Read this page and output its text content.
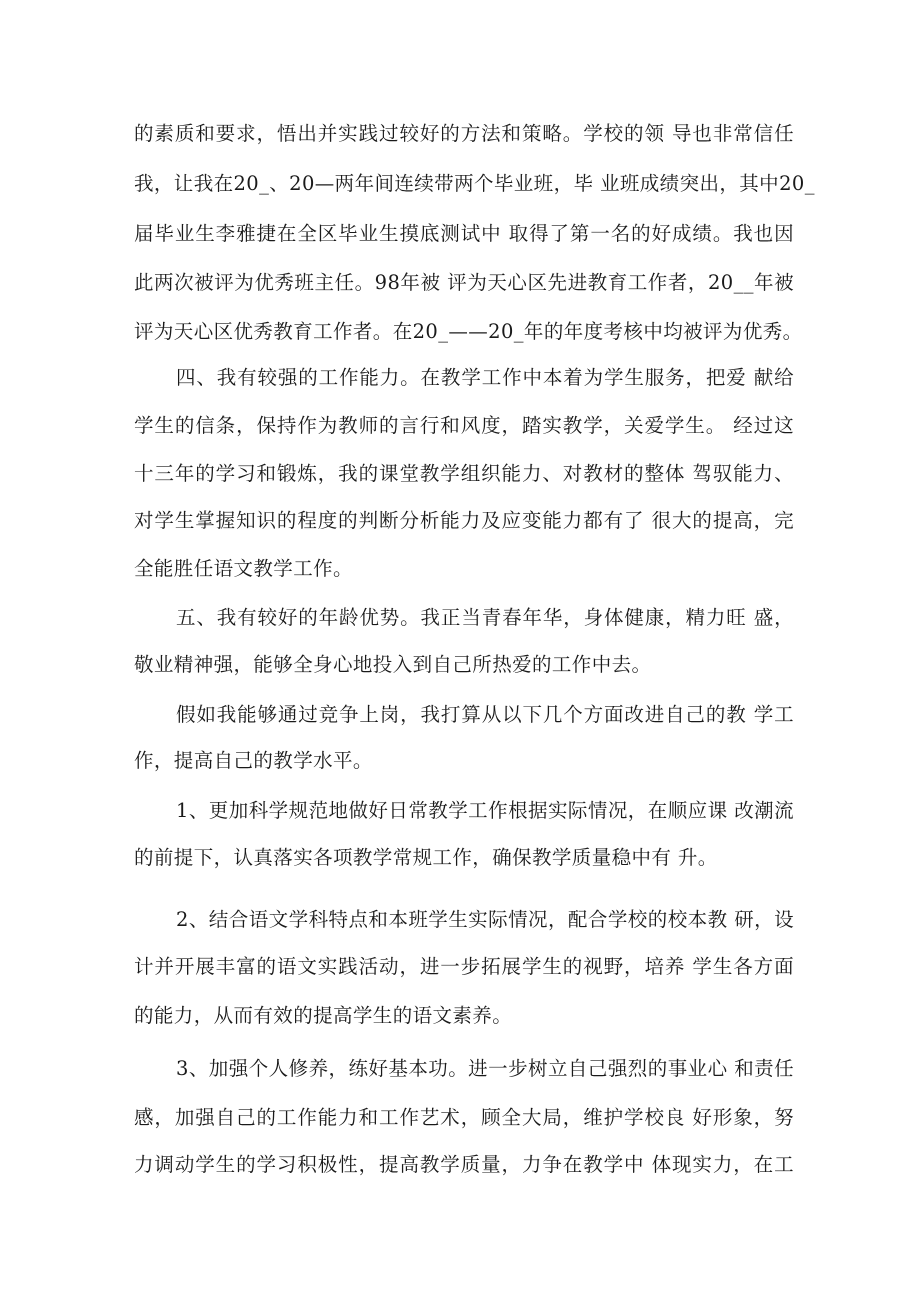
的素质和要求，悟出并实践过较好的方法和策略。学校的领 导也非常信任
我，让我在20_、20—两年间连续带两个毕业班，毕 业班成绩突出，其中20_
届毕业生李雅捷在全区毕业生摸底测试中 取得了第一名的好成绩。我也因
此两次被评为优秀班主任。98年被 评为天心区先进教育工作者，20__年被
评为天心区优秀教育工作者。在20_——20_年的年度考核中均被评为优秀。
四、我有较强的工作能力。在教学工作中本着为学生服务，把爱 献给
学生的信条，保持作为教师的言行和风度，踏实教学，关爱学生。 经过这
十三年的学习和锻炼，我的课堂教学组织能力、对教材的整体 驾驭能力、
对学生掌握知识的程度的判断分析能力及应变能力都有了 很大的提高，完
全能胜任语文教学工作。
五、我有较好的年龄优势。我正当青春年华，身体健康，精力旺 盛，
敬业精神强，能够全身心地投入到自己所热爱的工作中去。
假如我能够通过竞争上岗，我打算从以下几个方面改进自己的教 学工
作，提高自己的教学水平。
1、更加科学规范地做好日常教学工作根据实际情况，在顺应课 改潮流
的前提下，认真落实各项教学常规工作，确保教学质量稳中有 升。
2、结合语文学科特点和本班学生实际情况，配合学校的校本教 研，设
计并开展丰富的语文实践活动，进一步拓展学生的视野，培养 学生各方面
的能力，从而有效的提高学生的语文素养。
3、加强个人修养，练好基本功。进一步树立自己强烈的事业心 和责任
感，加强自己的工作能力和工作艺术，顾全大局，维护学校良 好形象，努
力调动学生的学习积极性，提高教学质量，力争在教学中 体现实力，在工
